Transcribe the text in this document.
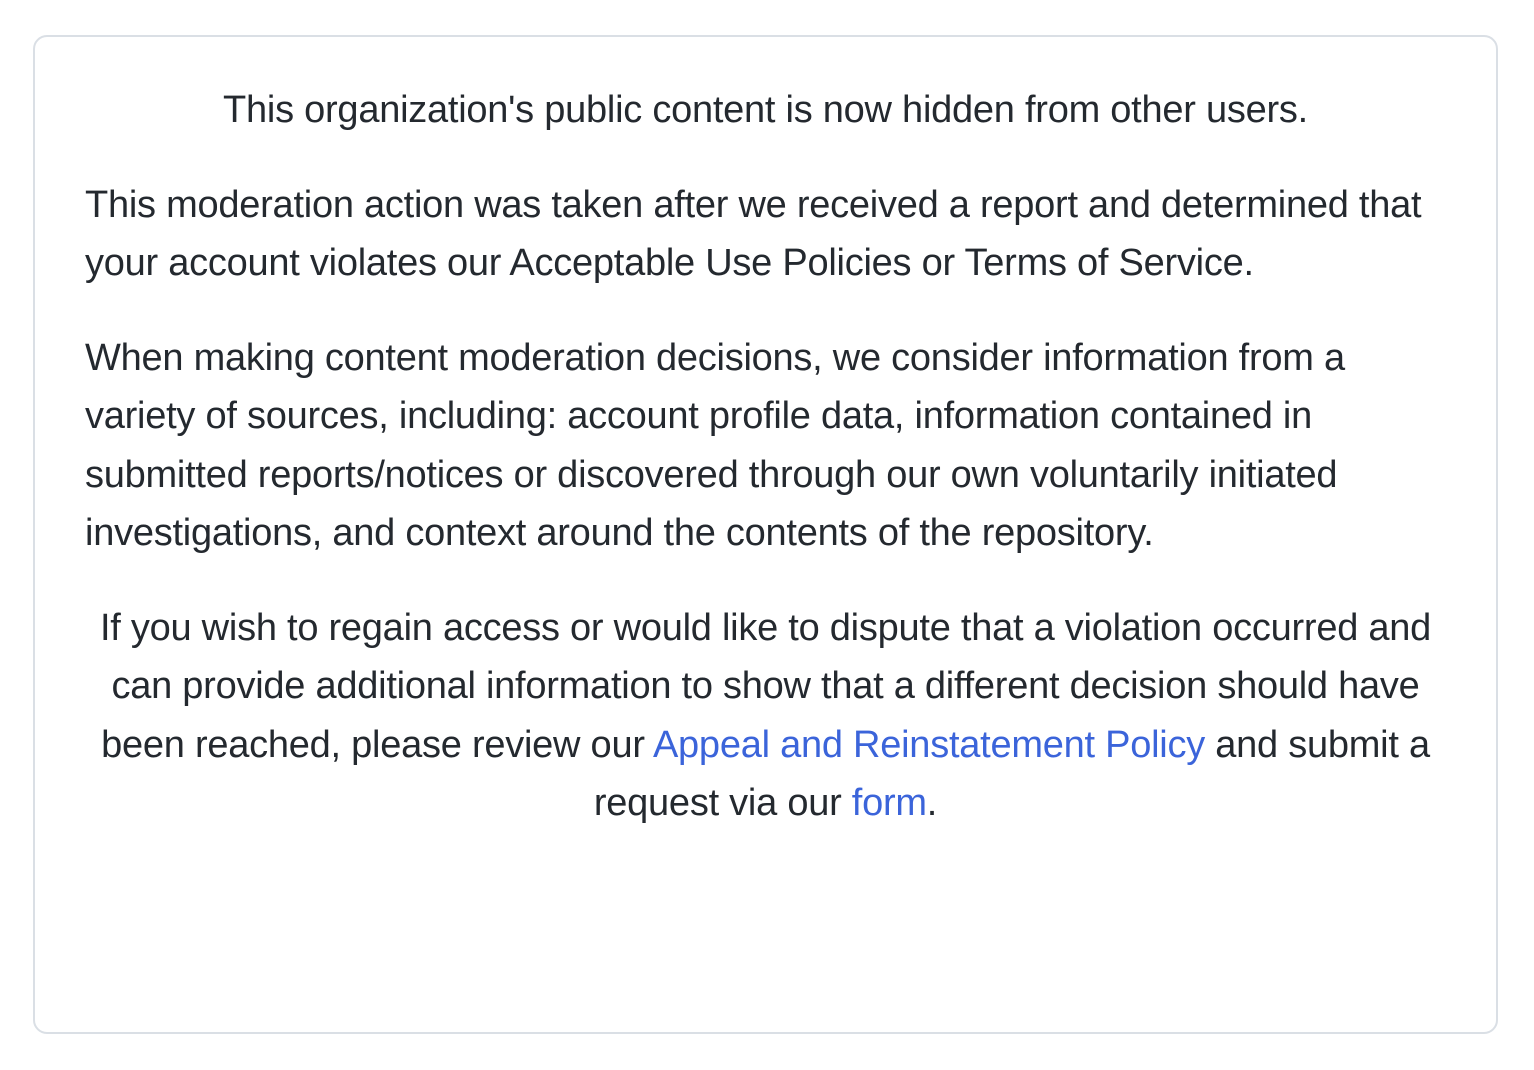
This organization's public content is now hidden from other users.

This moderation action was taken after we received a report and determined that your account violates our Acceptable Use Policies or Terms of Service.

When making content moderation decisions, we consider information from a variety of sources, including: account profile data, information contained in submitted reports/notices or discovered through our own voluntarily initiated investigations, and context around the contents of the repository.

If you wish to regain access or would like to dispute that a violation occurred and can provide additional information to show that a different decision should have been reached, please review our Appeal and Reinstatement Policy and submit a request via our form.
